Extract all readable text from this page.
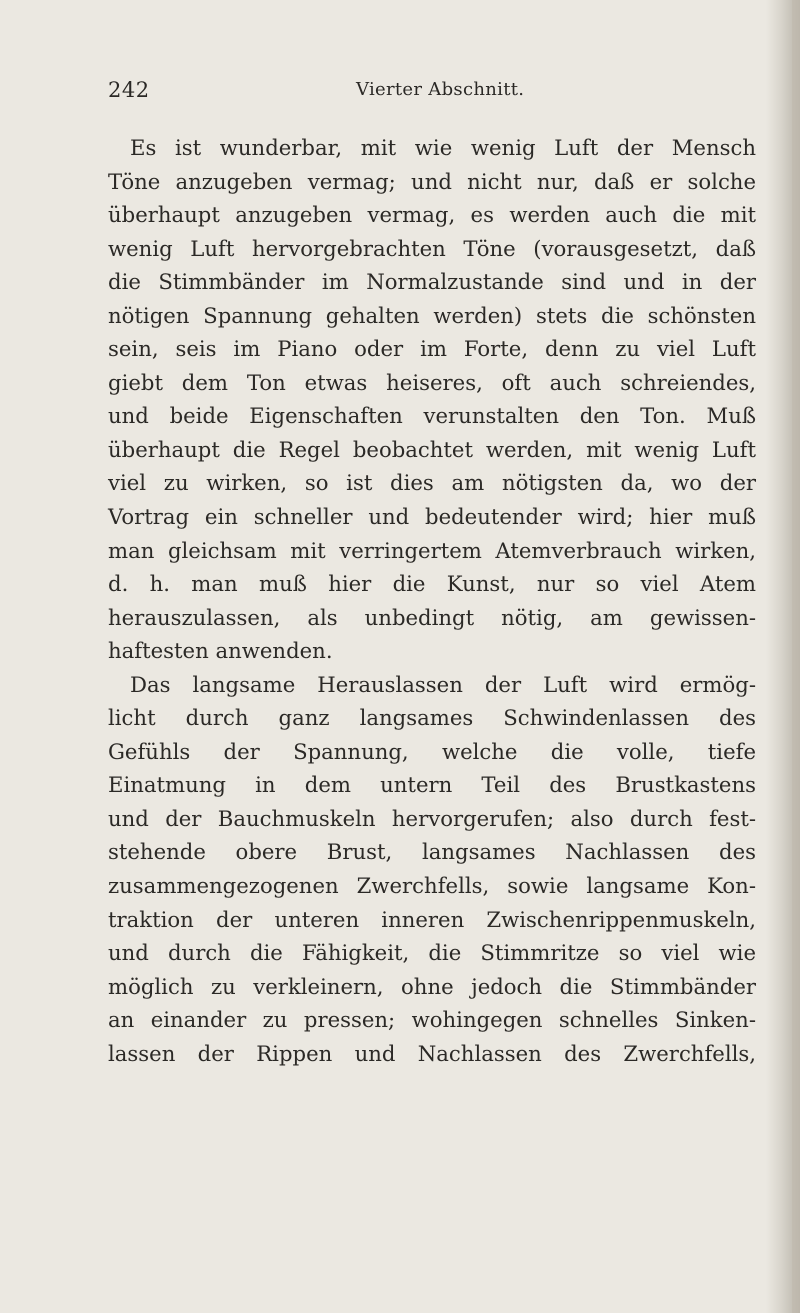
242	Vierter Abschnitt.

Es ist wunderbar, mit wie wenig Luft der Mensch
Töne anzugeben vermag; und nicht nur, daß er solche
überhaupt anzugeben vermag, es werden auch die mit
wenig Luft hervorgebrachten Töne (vorausgesetzt, daß
die Stimmbänder im Normalzustande sind und in der
nötigen Spannung gehalten werden) stets die schönsten
sein, seis im Piano oder im Forte, denn zu viel Luft
giebt dem Ton etwas heiseres, oft auch schreiendes,
und beide Eigenschaften verunstalten den Ton. Muß
überhaupt die Regel beobachtet werden, mit wenig Luft
viel zu wirken, so ist dies am nötigsten da, wo der
Vortrag ein schneller und bedeutender wird; hier muß
man gleichsam mit verringertem Atemverbrauch wirken,
d. h. man muß hier die Kunst, nur so viel Atem
herauszulassen, als unbedingt nötig, am gewissen-
haftesten anwenden.

Das langsame Herauslassen der Luft wird ermög-
licht durch ganz langsames Schwindenlassen des
Gefühls der Spannung, welche die volle, tiefe
Einatmung in dem untern Teil des Brustkastens
und der Bauchmuskeln hervorgerufen; also durch fest-
stehende obere Brust, langsames Nachlassen des
zusammengezogenen Zwerchfells, sowie langsame Kon-
traktion der unteren inneren Zwischenrippenmuskeln,
und durch die Fähigkeit, die Stimmritze so viel wie
möglich zu verkleinern, ohne jedoch die Stimmbänder
an einander zu pressen; wohingegen schnelles Sinken-
lassen der Rippen und Nachlassen des Zwerchfells,
